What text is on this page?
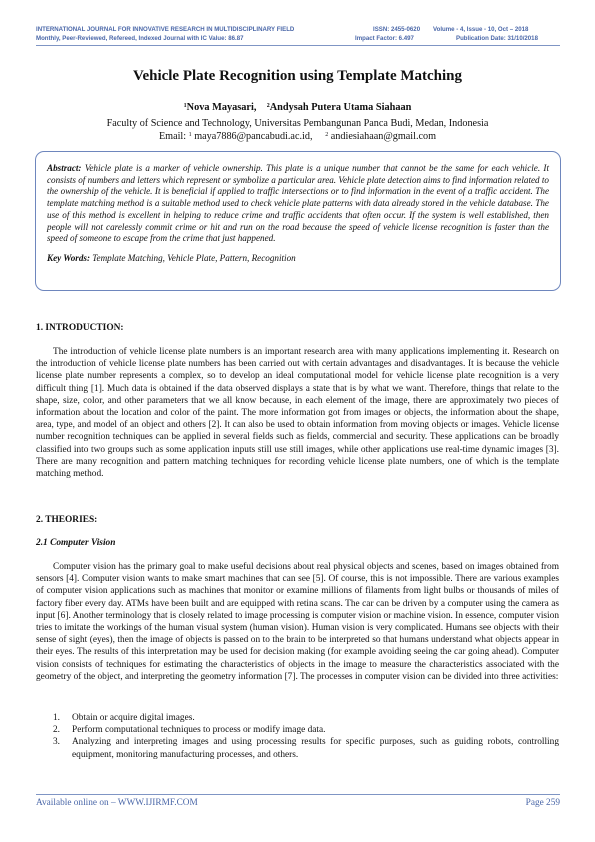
INTERNATIONAL JOURNAL FOR INNOVATIVE RESEARCH IN MULTIDISCIPLINARY FIELD	ISSN: 2455-0620 Volume - 4, Issue - 10, Oct – 2018
Monthly, Peer-Reviewed, Refereed, Indexed Journal with IC Value: 86.87	Impact Factor: 6.497	Publication Date: 31/10/2018
Vehicle Plate Recognition using Template Matching
$^1$Nova Mayasari, $^2$Andysah Putera Utama Siahaan
Faculty of Science and Technology, Universitas Pembangunan Panca Budi, Medan, Indonesia
Email: $^1$ maya7886@pancabudi.ac.id, $^2$ andiesiahaan@gmail.com
Abstract: Vehicle plate is a marker of vehicle ownership. This plate is a unique number that cannot be the same for each vehicle. It consists of numbers and letters which represent or symbolize a particular area. Vehicle plate detection aims to find information related to the ownership of the vehicle. It is beneficial if applied to traffic intersections or to find information in the event of a traffic accident. The template matching method is a suitable method used to check vehicle plate patterns with data already stored in the vehicle database. The use of this method is excellent in helping to reduce crime and traffic accidents that often occur. If the system is well established, then people will not carelessly commit crime or hit and run on the road because the speed of vehicle license recognition is faster than the speed of someone to escape from the crime that just happened.
Key Words: Template Matching, Vehicle Plate, Pattern, Recognition
1. INTRODUCTION:

The introduction of vehicle license plate numbers is an important research area with many applications implementing it. Research on the introduction of vehicle license plate numbers has been carried out with certain advantages and disadvantages. It is because the vehicle license plate number represents a complex, so to develop an ideal computational model for vehicle license plate recognition is a very difficult thing [1]. Much data is obtained if the data observed displays a state that is by what we want. Therefore, things that relate to the shape, size, color, and other parameters that we all know because, in each element of the image, there are approximately two pieces of information about the location and color of the paint. The more information got from images or objects, the information about the shape, area, type, and model of an object and others [2]. It can also be used to obtain information from moving objects or images. Vehicle license number recognition techniques can be applied in several fields such as fields, commercial and security. These applications can be broadly classified into two groups such as some application inputs still use still images, while other applications use real-time dynamic images [3]. There are many recognition and pattern matching techniques for recording vehicle license plate numbers, one of which is the template matching method.

2. THEORIES:
2.1 Computer Vision

Computer vision has the primary goal to make useful decisions about real physical objects and scenes, based on images obtained from sensors [4]. Computer vision wants to make smart machines that can see [5]. Of course, this is not impossible. There are various examples of computer vision applications such as machines that monitor or examine millions of filaments from light bulbs or thousands of miles of factory fiber every day. ATMs have been built and are equipped with retina scans. The car can be driven by a computer using the camera as input [6]. Another terminology that is closely related to image processing is computer vision or machine vision. In essence, computer vision tries to imitate the workings of the human visual system (human vision). Human vision is very complicated. Humans see objects with their sense of sight (eyes), then the image of objects is passed on to the brain to be interpreted so that humans understand what objects appear in their eyes. The results of this interpretation may be used for decision making (for example avoiding seeing the car going ahead). Computer vision consists of techniques for estimating the characteristics of objects in the image to measure the characteristics associated with the geometry of the object, and interpreting the geometry information [7]. The processes in computer vision can be divided into three activities:

1. Obtain or acquire digital images.
2. Perform computational techniques to process or modify image data.
3. Analyzing and interpreting images and using processing results for specific purposes, such as guiding robots, controlling equipment, monitoring manufacturing processes, and others.
Available online on – WWW.IJIRMF.COM	Page 259
